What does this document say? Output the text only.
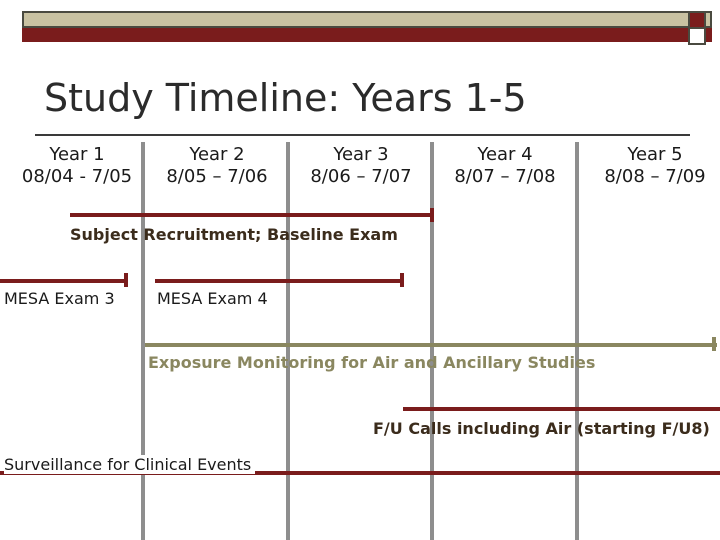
Study Timeline: Years 1-5
Year 1
08/04 - 7/05
Year 2
8/05 – 7/06
Year 3
8/06 – 7/07
Year 4
8/07 – 7/08
Year 5
8/08 – 7/09
Subject Recruitment; Baseline Exam
MESA Exam 3	MESA Exam 4
Exposure Monitoring for Air and Ancillary Studies
F/U Calls including Air (starting F/U8)
Surveillance for Clinical Events
